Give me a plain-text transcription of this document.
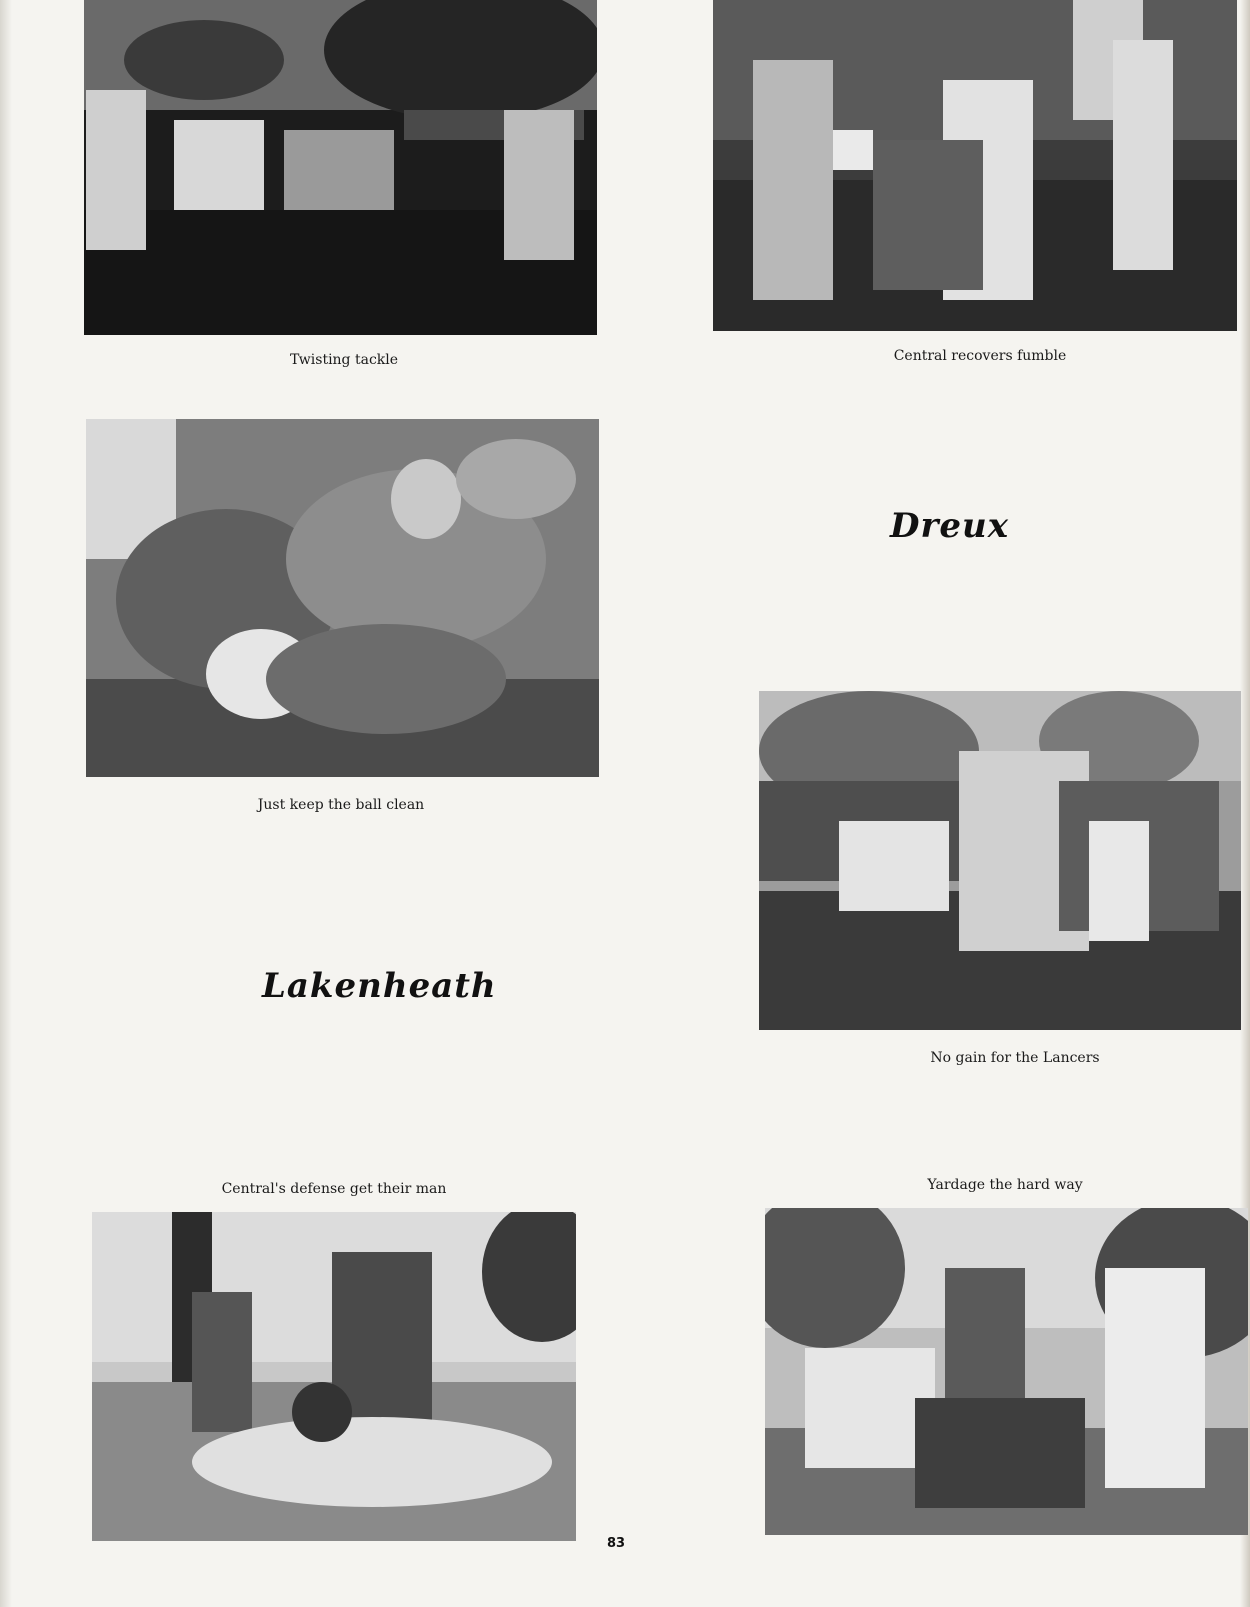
Twisting tackle	Central recovers fumble
Just keep the ball clean
Dreux
No gain for the Lancers
Lakenheath
Central's defense get their man	Yardage the hard way
83
